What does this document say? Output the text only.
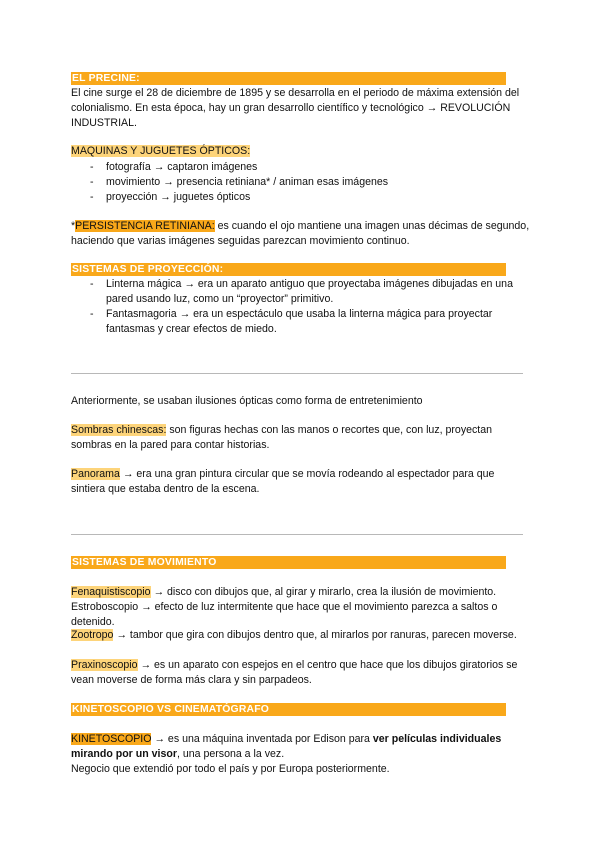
EL PRECINE:

El cine surge el 28 de diciembre de 1895 y se desarrolla en el periodo de máxima extensión del colonialismo. En esta época, hay un gran desarrollo científico y tecnológico → REVOLUCIÓN INDUSTRIAL.

MAQUINAS Y JUGUETES ÓPTICOS:
- fotografía → captaron imágenes
- movimiento → presencia retiniana* / animan esas imágenes
- proyección → juguetes ópticos

*PERSISTENCIA RETINIANA: es cuando el ojo mantiene una imagen unas décimas de segundo, haciendo que varias imágenes seguidas parezcan movimiento continuo.

SISTEMAS DE PROYECCIÓN:
- Linterna mágica → era un aparato antiguo que proyectaba imágenes dibujadas en una pared usando luz, como un “proyector” primitivo.
- Fantasmagoria → era un espectáculo que usaba la linterna mágica para proyectar fantasmas y crear efectos de miedo.

Anteriormente, se usaban ilusiones ópticas como forma de entretenimiento

Sombras chinescas: son figuras hechas con las manos o recortes que, con luz, proyectan sombras en la pared para contar historias.

Panorama → era una gran pintura circular que se movía rodeando al espectador para que sintiera que estaba dentro de la escena.

SISTEMAS DE MOVIMIENTO

Fenaquistiscopio → disco con dibujos que, al girar y mirarlo, crea la ilusión de movimiento.

Estroboscopio → efecto de luz intermitente que hace que el movimiento parezca a saltos o detenido.

Zootropo → tambor que gira con dibujos dentro que, al mirarlos por ranuras, parecen moverse.

Praxinoscopio → es un aparato con espejos en el centro que hace que los dibujos giratorios se vean moverse de forma más clara y sin parpadeos.

KINETOSCOPIO VS CINEMATÓGRAFO

KINETOSCOPIO → es una máquina inventada por Edison para ver películas individuales mirando por un visor, una persona a la vez.

Negocio que extendió por todo el país y por Europa posteriormente.
